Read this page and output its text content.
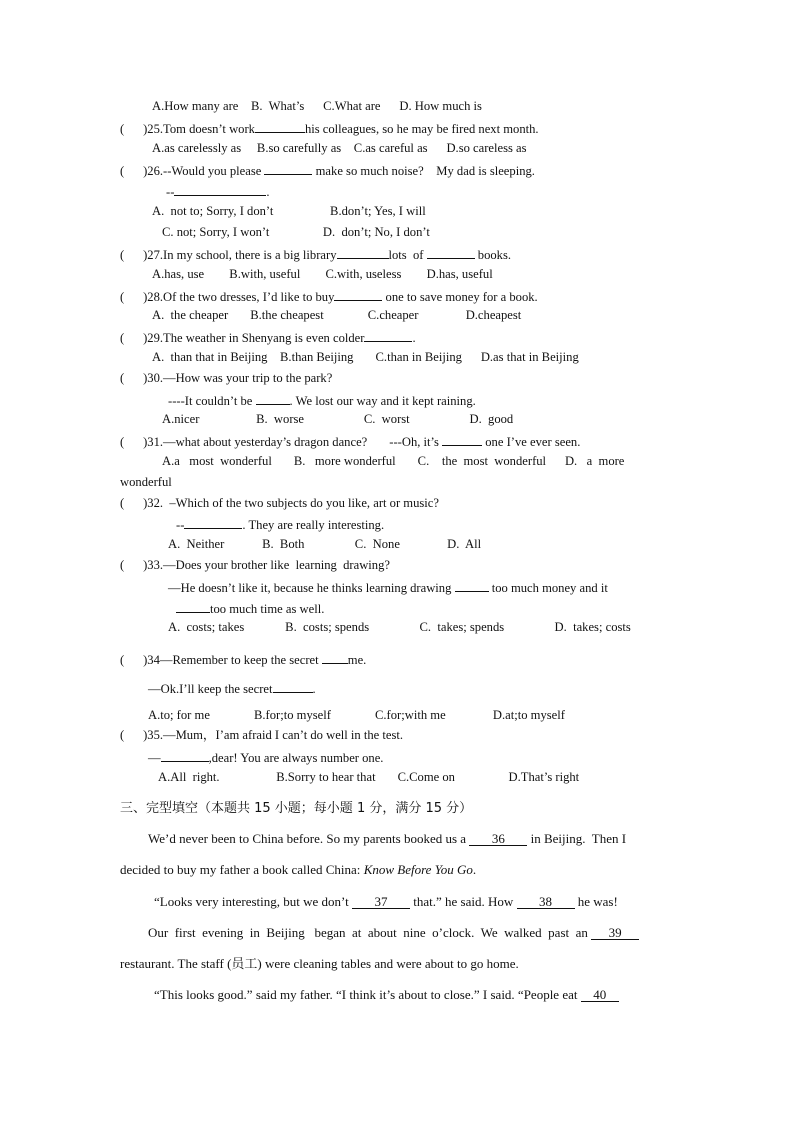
A.How many are    B.  What’s      C.What are      D. How much is
(      )25.Tom doesn’t work	his colleagues, so he may be fired next month.
A.as carelessly as     B.so carefully as    C.as careful as      D.so careless as
(      )26.--Would you please	make so much noise?    My dad is sleeping.
--	.
A.  not to; Sorry, I don’t                  B.don’t; Yes, I will
C. not; Sorry, I won’t                 D.  don’t; No, I don’t
(      )27.In my school, there is a big library	lots  of	books.
A.has, use        B.with, useful        C.with, useless        D.has, useful
(      )28.Of the two dresses, I’d like to buy	one to save money for a book.
A.  the cheaper       B.the cheapest              C.cheaper               D.cheapest
(      )29.The weather in Shenyang is even colder	.
A.  than that in Beijing    B.than Beijing       C.than in Beijing      D.as that in Beijing
(      )30.—How was your trip to the park?
----It couldn’t be	. We lost our way and it kept raining.
A.nicer                  B.  worse                   C.  worst                   D.  good
(      )31.—what about yesterday’s dragon dance?       ---Oh, it’s	one I’ve ever seen.
A.a   most  wonderful       B.   more wonderful       C.    the  most  wonderful      D.   a  more
wonderful
(      )32.  –Which of the two subjects do you like, art or music?
--	. They are really interesting.
A.  Neither            B.  Both                C.  None               D.  All
(      )33.—Does your brother like  learning  drawing?
—He doesn’t like it, because he thinks learning drawing	too much money and it
too much time as well.
A.  costs; takes             B.  costs; spends                C.  takes; spends                D.  takes; costs
(      )34—Remember to keep the secret me.
—Ok.I’ll keep the secret	.
A.to; for me              B.for;to myself              C.for;with me               D.at;to myself
(      )35.—Mum，I’am afraid I can’t do well in the test.
—	,dear! You are always number one.
A.All  right.                  B.Sorry to hear that       C.Come on                 D.That’s right
三、完型填空（本题共 15 小题；每小题 1 分，满分 15 分）
We’d never been to China before. So my parents booked us a 36 in Beijing.  Then I
decided to buy my father a book called China: Know Before You Go.
“Looks very interesting, but we don’t 37 that.” he said. How 38 he was!
Our  first  evening  in  Beijing   began  at  about  nine  o’clock.  We  walked  past  an 39
restaurant. The staff (员工) were cleaning tables and were about to go home.
“This looks good.” said my father. “I think it’s about to close.” I said. “People eat 40
